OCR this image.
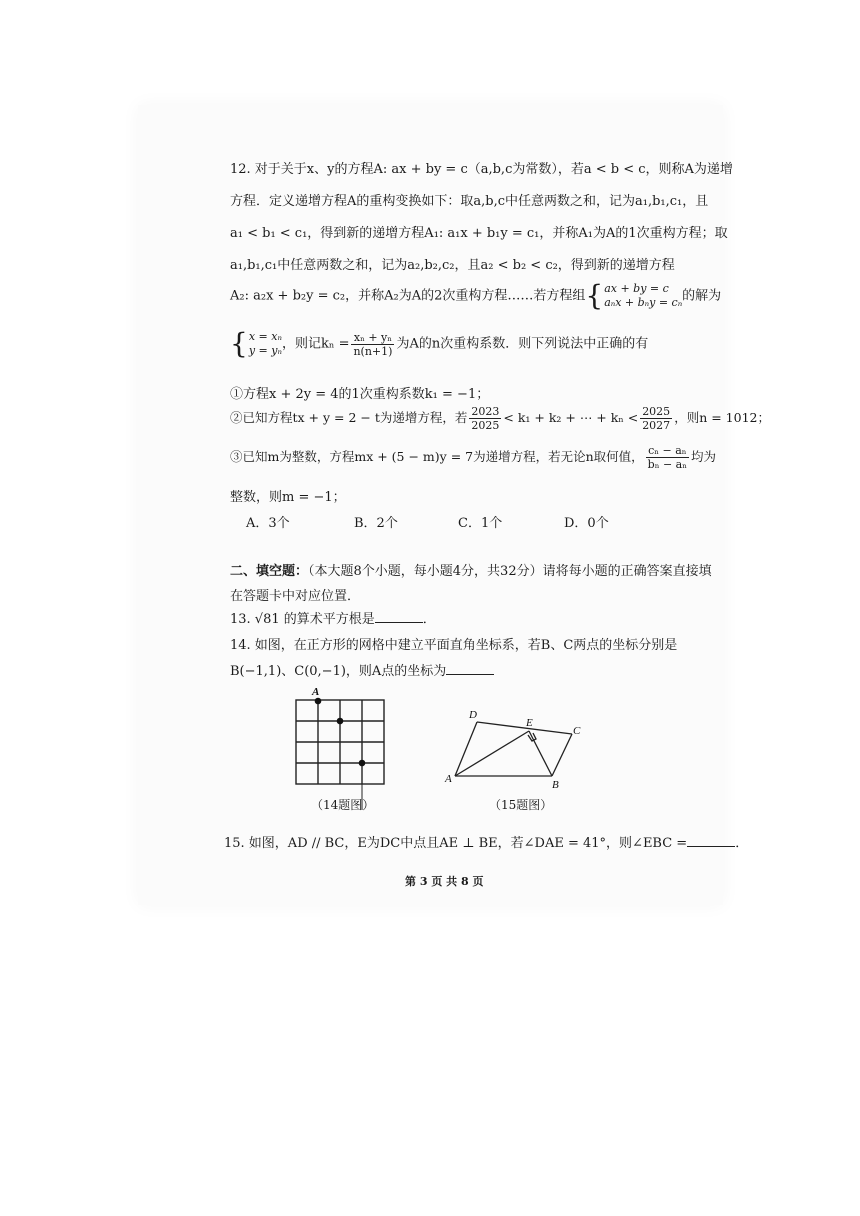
12. 对于关于x、y的方程A: ax + by = c（a,b,c为常数），若a < b < c，则称A为递增
方程．定义递增方程A的重构变换如下：取a,b,c中任意两数之和，记为a₁,b₁,c₁，且
a₁ < b₁ < c₁，得到新的递增方程A₁: a₁x + b₁y = c₁，并称A₁为A的1次重构方程；取
a₁,b₁,c₁中任意两数之和，记为a₂,b₂,c₂，且a₂ < b₂ < c₂，得到新的递增方程
A₂: a₂x + b₂y = c₂，并称A₂为A的2次重构方程……若方程组{ ax + by = c
aₙx + bₙy = cₙ 的解为
{ x = xₙ
y = yₙ ，则记$k_n = \frac{\text{xₙ + yₙ}}{n(n+1)}$ 为A的n次重构系数．则下列说法中正确的有
①方程x + 2y = 4的1次重构系数k₁ = −1；
②已知方程tx + y = 2 − t为递增方程，若 $\frac{2023}{2025} < k_1 + k_2$ + ⋯ + $k_n < \frac{2025}{2027}$ ，则n = 1012；
③已知m为整数，方程mx + (5 − m)y = 7为递增方程，若无论n取何值， $\frac{\text{cₙ − aₙ}}{\text{bₙ − aₙ}}$ 均为
整数，则m = −1；
A．3个	B．2个	C．1个	D．0个
二、填空题：（本大题8个小题，每小题4分，共32分）请将每小题的正确答案直接填
在答题卡中对应位置．
13. √81 的算术平方根是	．
14. 如图，在正方形的网格中建立平面直角坐标系，若B、C两点的坐标分别是
B(−1,1)、C(0,−1)，则A点的坐标为
A
（14题图）
D
E
C
A	B
（15题图）
15. 如图，AD // BC，E为DC中点且AE ⊥ BE，若∠DAE = 41°，则∠EBC =	．
第 3 页 共 8 页
